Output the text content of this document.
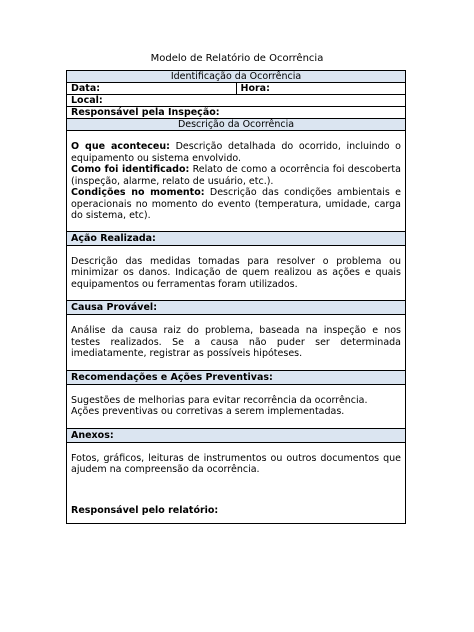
Modelo de Relatório de Ocorrência
Identificação da Ocorrência
Data:	Hora:
Local:
Responsável pela Inspeção:
Descrição da Ocorrência

O que aconteceu: Descrição detalhada do ocorrido, incluindo o equipamento ou sistema envolvido.

Como foi identificado: Relato de como a ocorrência foi descoberta (inspeção, alarme, relato de usuário, etc.).

Condições no momento: Descrição das condições ambientais e operacionais no momento do evento (temperatura, umidade, carga do sistema, etc).

Ação Realizada:

Descrição das medidas tomadas para resolver o problema ou minimizar os danos. Indicação de quem realizou as ações e quais equipamentos ou ferramentas foram utilizados.

Causa Provável:

Análise da causa raiz do problema, baseada na inspeção e nos testes realizados. Se a causa não puder ser determinada imediatamente, registrar as possíveis hipóteses.

Recomendações e Ações Preventivas:

Sugestões de melhorias para evitar recorrência da ocorrência.

Ações preventivas ou corretivas a serem implementadas.

Anexos:

Fotos, gráficos, leituras de instrumentos ou outros documentos que ajudem na compreensão da ocorrência.

Responsável pelo relatório:
